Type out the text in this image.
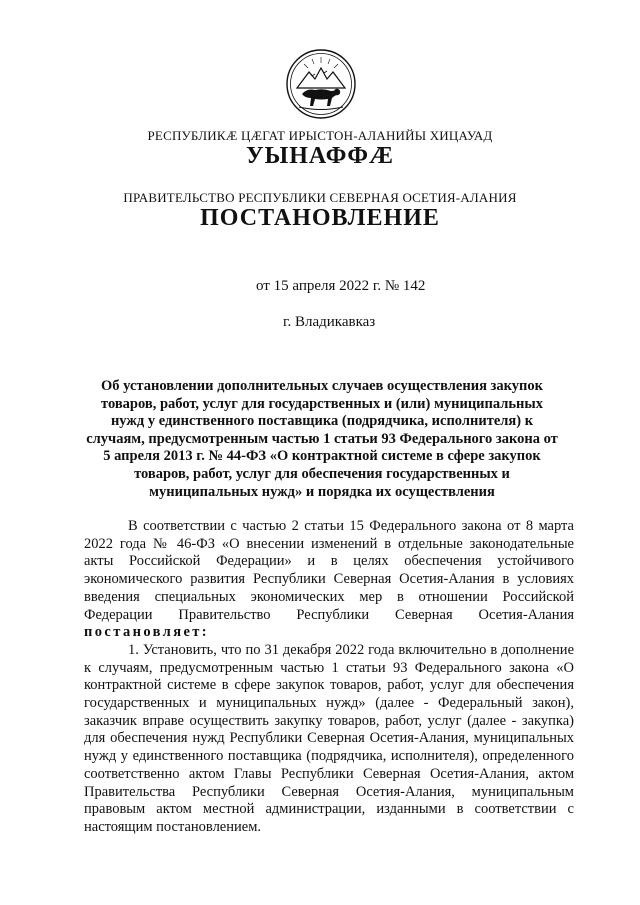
РЕСПУБЛИКÆ ЦÆГАТ ИРЫСТОН-АЛАНИЙЫ ХИЦАУАД
УЫНАФФÆ
ПРАВИТЕЛЬСТВО РЕСПУБЛИКИ СЕВЕРНАЯ ОСЕТИЯ-АЛАНИЯ
ПОСТАНОВЛЕНИЕ
от 15 апреля 2022 г. № 142
г. Владикавказ
Об установлении дополнительных случаев осуществления закупок товаров, работ, услуг для государственных и (или) муниципальных нужд у единственного поставщика (подрядчика, исполнителя) к случаям, предусмотренным частью 1 статьи 93 Федерального закона от 5 апреля 2013 г. № 44-ФЗ «О контрактной системе в сфере закупок товаров, работ, услуг для обеспечения государственных и муниципальных нужд» и порядка их осуществления

В соответствии с частью 2 статьи 15 Федерального закона от 8 марта 2022 года № 46-ФЗ «О внесении изменений в отдельные законодательные акты Российской Федерации» и в целях обеспечения устойчивого экономического развития Республики Северная Осетия-Алания в условиях введения специальных экономических мер в отношении Российской Федерации Правительство Республики Северная Осетия-Алания постановляет:

1. Установить, что по 31 декабря 2022 года включительно в дополнение к случаям, предусмотренным частью 1 статьи 93 Федерального закона «О контрактной системе в сфере закупок товаров, работ, услуг для обеспечения государственных и муниципальных нужд» (далее - Федеральный закон), заказчик вправе осуществить закупку товаров, работ, услуг (далее - закупка) для обеспечения нужд Республики Северная Осетия-Алания, муниципальных нужд у единственного поставщика (подрядчика, исполнителя), определенного соответственно актом Главы Республики Северная Осетия-Алания, актом Правительства Республики Северная Осетия-Алания, муниципальным правовым актом местной администрации, изданными в соответствии с настоящим постановлением.
